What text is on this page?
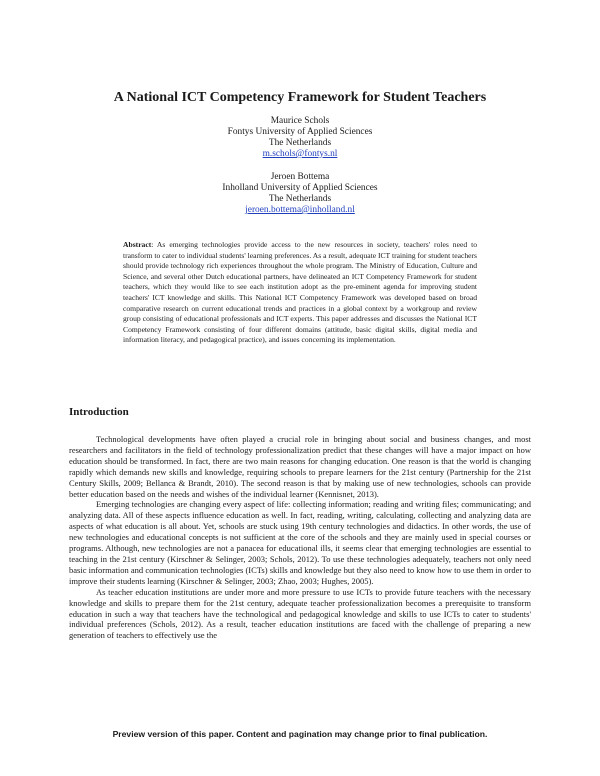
A National ICT Competency Framework for Student Teachers
Maurice Schols
Fontys University of Applied Sciences
The Netherlands
m.schols@fontys.nl
Jeroen Bottema
Inholland University of Applied Sciences
The Netherlands
jeroen.bottema@inholland.nl
Abstract: As emerging technologies provide access to the new resources in society, teachers' roles need to transform to cater to individual students' learning preferences. As a result, adequate ICT training for student teachers should provide technology rich experiences throughout the whole program. The Ministry of Education, Culture and Science, and several other Dutch educational partners, have delineated an ICT Competency Framework for student teachers, which they would like to see each institution adopt as the pre-eminent agenda for improving student teachers' ICT knowledge and skills. This National ICT Competency Framework was developed based on broad comparative research on current educational trends and practices in a global context by a workgroup and review group consisting of educational professionals and ICT experts. This paper addresses and discusses the National ICT Competency Framework consisting of four different domains (attitude, basic digital skills, digital media and information literacy, and pedagogical practice), and issues concerning its implementation.
Introduction

Technological developments have often played a crucial role in bringing about social and business changes, and most researchers and facilitators in the field of technology professionalization predict that these changes will have a major impact on how education should be transformed. In fact, there are two main reasons for changing education. One reason is that the world is changing rapidly which demands new skills and knowledge, requiring schools to prepare learners for the 21st century (Partnership for the 21st Century Skills, 2009; Bellanca & Brandt, 2010). The second reason is that by making use of new technologies, schools can provide better education based on the needs and wishes of the individual learner (Kennisnet, 2013).

Emerging technologies are changing every aspect of life: collecting information; reading and writing files; communicating; and analyzing data. All of these aspects influence education as well. In fact, reading, writing, calculating, collecting and analyzing data are aspects of what education is all about. Yet, schools are stuck using 19th century technologies and didactics. In other words, the use of new technologies and educational concepts is not sufficient at the core of the schools and they are mainly used in special courses or programs. Although, new technologies are not a panacea for educational ills, it seems clear that emerging technologies are essential to teaching in the 21st century (Kirschner & Selinger, 2003; Schols, 2012). To use these technologies adequately, teachers not only need basic information and communication technologies (ICTs) skills and knowledge but they also need to know how to use them in order to improve their students learning (Kirschner & Selinger, 2003; Zhao, 2003; Hughes, 2005).

As teacher education institutions are under more and more pressure to use ICTs to provide future teachers with the necessary knowledge and skills to prepare them for the 21st century, adequate teacher professionalization becomes a prerequisite to transform education in such a way that teachers have the technological and pedagogical knowledge and skills to use ICTs to cater to students' individual preferences (Schols, 2012). As a result, teacher education institutions are faced with the challenge of preparing a new generation of teachers to effectively use the

Preview version of this paper. Content and pagination may change prior to final publication.
